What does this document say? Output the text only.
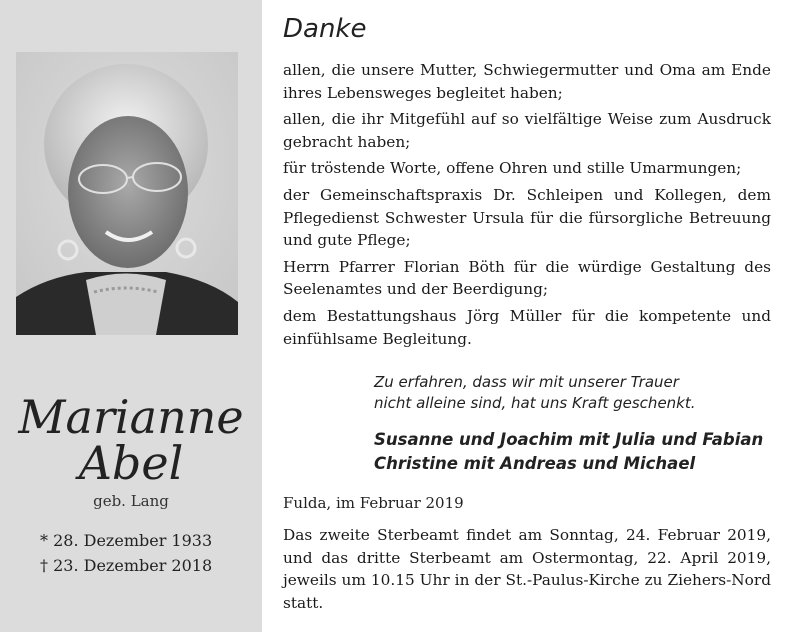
Marianne
Abel
geb. Lang
* 28. Dezember 1933
† 23. Dezember 2018
Danke

allen, die unsere Mutter, Schwiegermutter und Oma am Ende ihres Lebensweges begleitet haben;

allen, die ihr Mitgefühl auf so vielfältige Weise zum Ausdruck gebracht haben;

für tröstende Worte, offene Ohren und stille Umarmungen;

der Gemeinschaftspraxis Dr. Schleipen und Kollegen, dem Pflegedienst Schwester Ursula für die fürsorgliche Betreuung und gute Pflege;

Herrn Pfarrer Florian Böth für die würdige Gestaltung des Seelenamtes und der Beerdigung;

dem Bestattungshaus Jörg Müller für die kompetente und einfühlsame Begleitung.

Zu erfahren, dass wir mit unserer Trauer
nicht alleine sind, hat uns Kraft geschenkt.
Susanne und Joachim mit Julia und Fabian
Christine mit Andreas und Michael
Fulda, im Februar 2019
Das zweite Sterbeamt findet am Sonntag, 24. Februar 2019, und das dritte Sterbeamt am Ostermontag, 22. April 2019, jeweils um 10.15 Uhr in der St.-Paulus-Kirche zu Ziehers-Nord statt.
